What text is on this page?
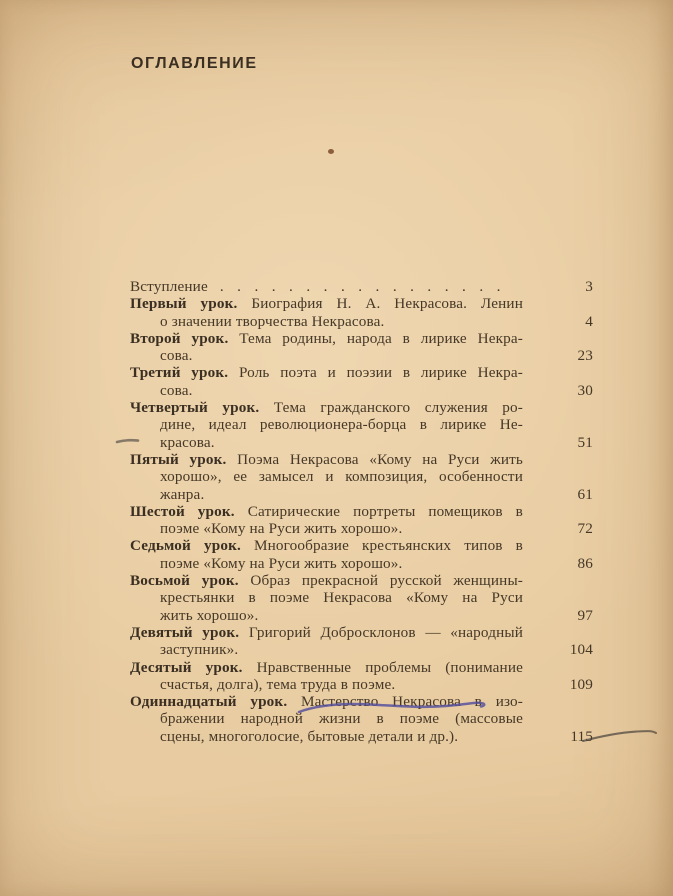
ОГЛАВЛЕНИЕ
Вступление .................	3
Первый урок. Биография Н. А. Некрасова. Ленин
о значении творчества Некрасова.	4
Второй урок. Тема родины, народа в лирике Некра-
сова.	23
Третий урок. Роль поэта и поэзии в лирике Некра-
сова.	30
Четвертый урок. Тема гражданского служения ро-
дине, идеал революционера-борца в лирике Не-
красова.	51
Пятый урок. Поэма Некрасова «Кому на Руси жить
хорошо», ее замысел и композиция, особенности
жанра.	61
Шестой урок. Сатирические портреты помещиков в
поэме «Кому на Руси жить хорошо».	72
Седьмой урок. Многообразие крестьянских типов в
поэме «Кому на Руси жить хорошо».	86
Восьмой урок. Образ прекрасной русской женщины-
крестьянки в поэме Некрасова «Кому на Руси
жить хорошо».	97
Девятый урок. Григорий Добросклонов — «народный
заступник».	104
Десятый урок. Нравственные проблемы (понимание
счастья, долга), тема труда в поэме.	109
Одиннадцатый урок. Мастерство Некрасова в изо-
бражении народной жизни в поэме (массовые
сцены, многоголосие, бытовые детали и др.).	115
